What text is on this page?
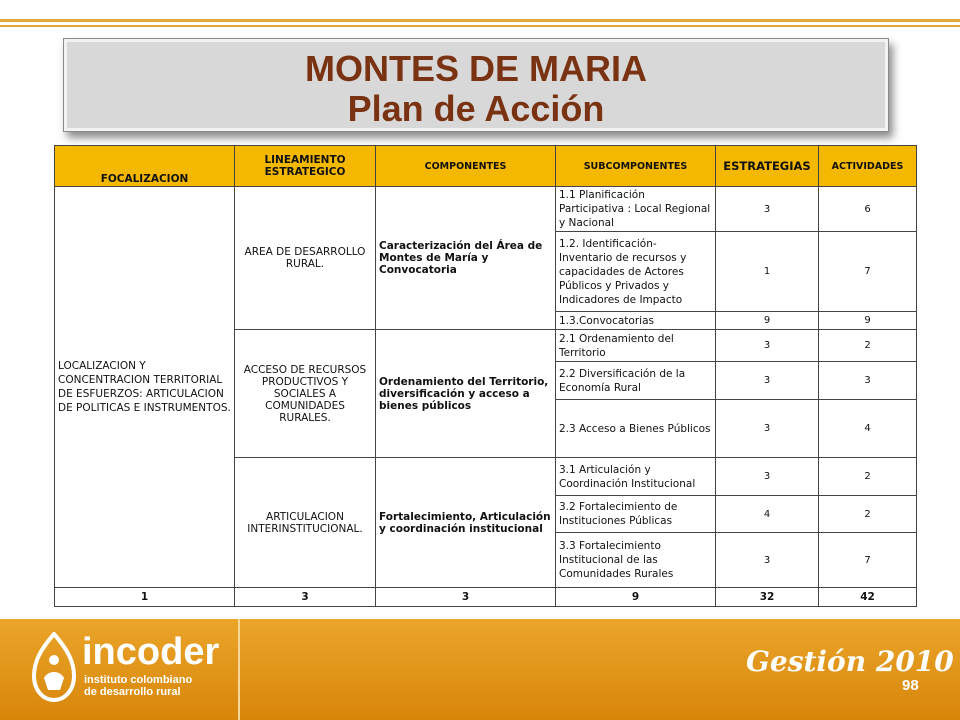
MONTES DE MARIA
Plan de Acción
FOCALIZACION	LINEAMIENTO ESTRATEGICO	COMPONENTES	SUBCOMPONENTES	ESTRATEGIAS	ACTIVIDADES
LOCALIZACION Y CONCENTRACION TERRITORIAL DE ESFUERZOS: ARTICULACION DE POLITICAS E INSTRUMENTOS.	AREA DE DESARROLLO RURAL.	Caracterización del Área de Montes de María y Convocatoria	1.1 Planificación Participativa : Local Regional y Nacional	3	6
			1.2. Identificación- Inventario de recursos y capacidades de Actores Públicos y Privados y Indicadores de Impacto	1	7
			1.3.Convocatorias	9	9
	ACCESO DE RECURSOS PRODUCTIVOS Y SOCIALES A COMUNIDADES RURALES.	Ordenamiento del Territorio, diversificación y acceso a bienes públicos	2.1 Ordenamiento del Territorio	3	2
			2.2 Diversificación de la Economía Rural	3	3
			2.3 Acceso a Bienes Públicos	3	4
	ARTICULACION INTERINSTITUCIONAL.	Fortalecimiento, Articulación y coordinación institucional	3.1 Articulación y Coordinación Institucional	3	2
			3.2 Fortalecimiento de Instituciones Públicas	4	2
			3.3 Fortalecimiento Institucional de las Comunidades Rurales	3	7
1	3	3	9	32	42
incoder
instituto colombiano
de desarrollo rural
Gestión 2010
98
